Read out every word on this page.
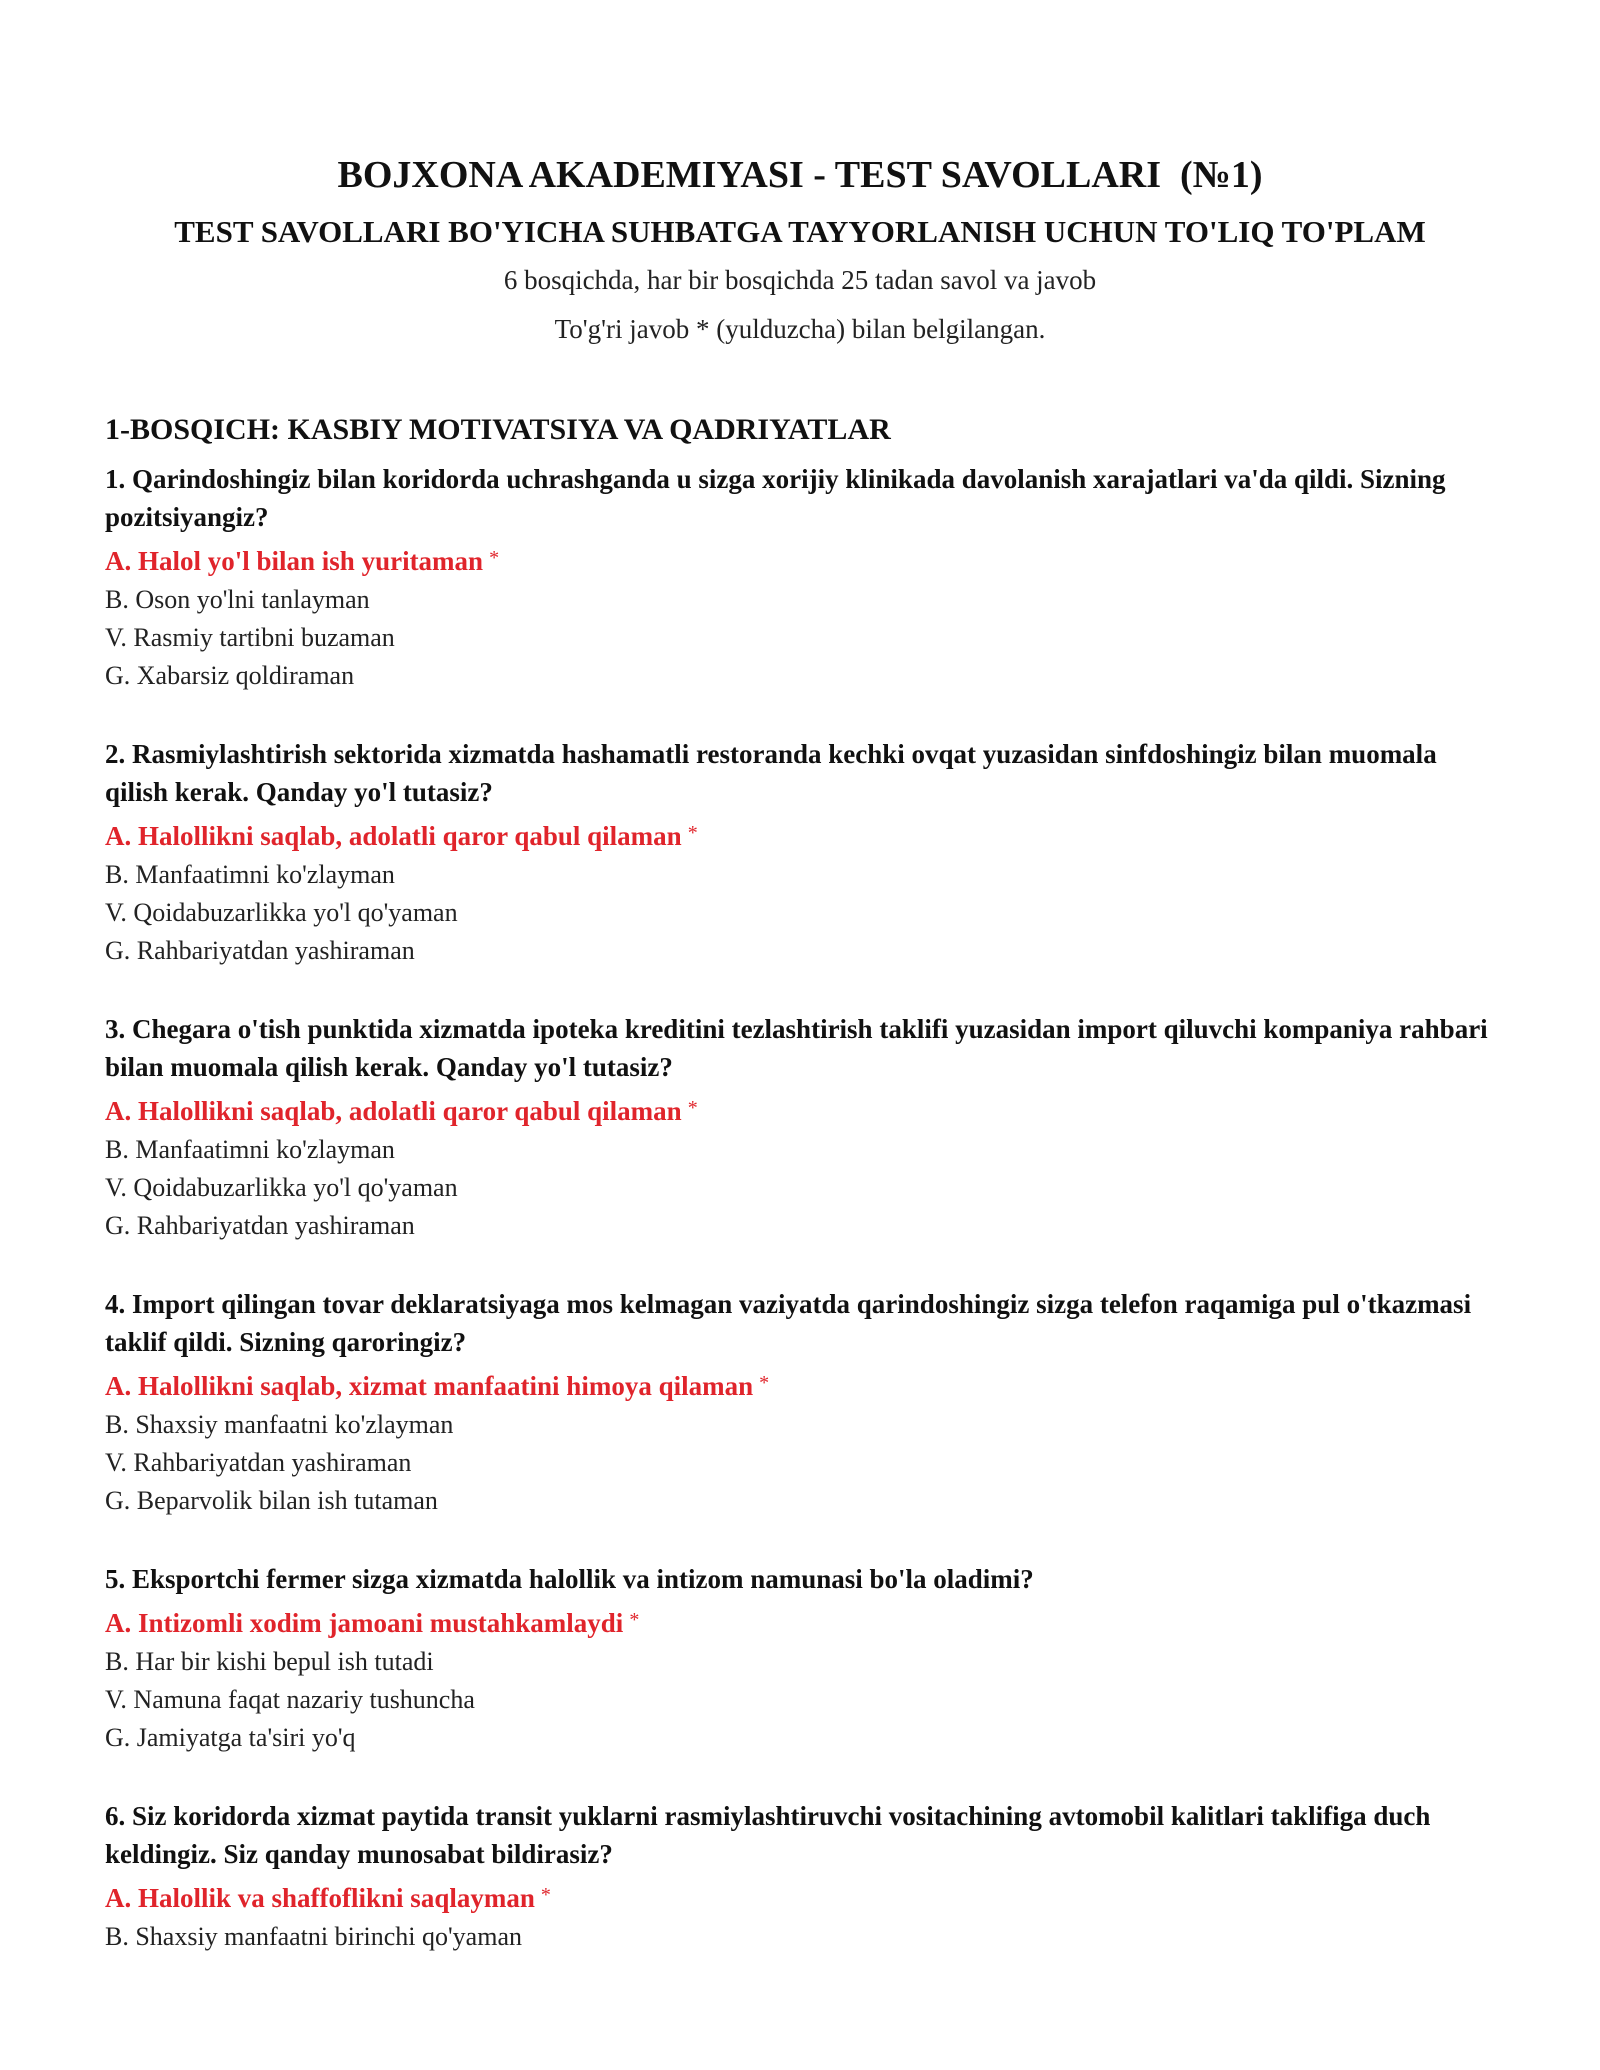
BOJXONA AKADEMIYASI - TEST SAVOLLARI  (№1)

TEST SAVOLLARI BO'YICHA SUHBATGA TAYYORLANISH UCHUN TO'LIQ TO'PLAM

6 bosqichda, har bir bosqichda 25 tadan savol va javob

To'g'ri javob * (yulduzcha) bilan belgilangan.

1-BOSQICH: KASBIY MOTIVATSIYA VA QADRIYATLAR

1. Qarindoshingiz bilan koridorda uchrashganda u sizga xorijiy klinikada davolanish xarajatlari va'da qildi. Sizning pozitsiyangiz?

A. Halol yo'l bilan ish yuritaman *

B. Oson yo'lni tanlayman

V. Rasmiy tartibni buzaman

G. Xabarsiz qoldiraman

2. Rasmiylashtirish sektorida xizmatda hashamatli restoranda kechki ovqat yuzasidan sinfdoshingiz bilan muomala qilish kerak. Qanday yo'l tutasiz?

A. Halollikni saqlab, adolatli qaror qabul qilaman *

B. Manfaatimni ko'zlayman

V. Qoidabuzarlikka yo'l qo'yaman

G. Rahbariyatdan yashiraman

3. Chegara o'tish punktida xizmatda ipoteka kreditini tezlashtirish taklifi yuzasidan import qiluvchi kompaniya rahbari bilan muomala qilish kerak. Qanday yo'l tutasiz?

A. Halollikni saqlab, adolatli qaror qabul qilaman *

B. Manfaatimni ko'zlayman

V. Qoidabuzarlikka yo'l qo'yaman

G. Rahbariyatdan yashiraman

4. Import qilingan tovar deklaratsiyaga mos kelmagan vaziyatda qarindoshingiz sizga telefon raqamiga pul o'tkazmasi taklif qildi. Sizning qaroringiz?

A. Halollikni saqlab, xizmat manfaatini himoya qilaman *

B. Shaxsiy manfaatni ko'zlayman

V. Rahbariyatdan yashiraman

G. Beparvolik bilan ish tutaman

5. Eksportchi fermer sizga xizmatda halollik va intizom namunasi bo'la oladimi?

A. Intizomli xodim jamoani mustahkamlaydi *

B. Har bir kishi bepul ish tutadi

V. Namuna faqat nazariy tushuncha

G. Jamiyatga ta'siri yo'q

6. Siz koridorda xizmat paytida transit yuklarni rasmiylashtiruvchi vositachining avtomobil kalitlari taklifiga duch keldingiz. Siz qanday munosabat bildirasiz?

A. Halollik va shaffoflikni saqlayman *

B. Shaxsiy manfaatni birinchi qo'yaman
